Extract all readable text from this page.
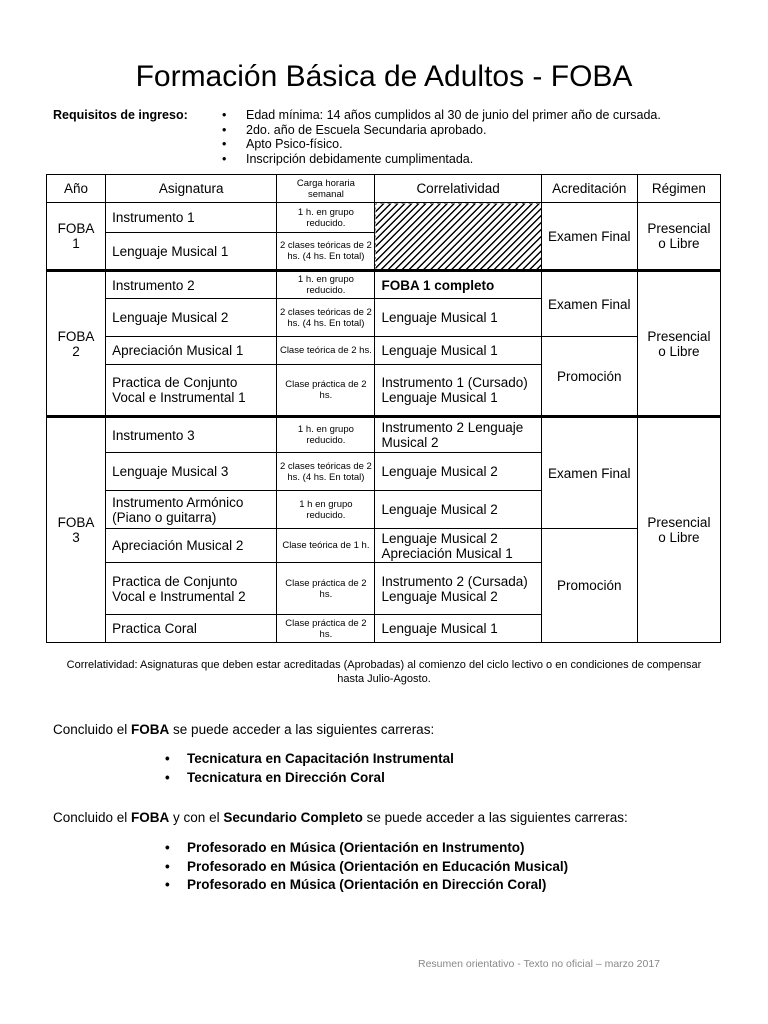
Formación Básica de Adultos - FOBA
Requisitos de ingreso:	• Edad mínima: 14 años cumplidos al 30 de junio del primer año de cursada.
• 2do. año de Escuela Secundaria aprobado.
• Apto Psico-físico.
• Inscripción debidamente cumplimentada.
Año	Asignatura	Carga horaria semanal	Correlatividad	Acreditación	Régimen
FOBA 1	Instrumento 1	1 h. en grupo reducido.		Examen Final	Presencial o Libre
	Lenguaje Musical 1	2 clases teóricas de 2 hs. (4 hs. En total)			
FOBA 2	Instrumento 2	1 h. en grupo reducido.	FOBA 1 completo	Examen Final	Presencial o Libre
	Lenguaje Musical 2	2 clases teóricas de 2 hs. (4 hs. En total)	Lenguaje Musical 1		
	Apreciación Musical 1	Clase teórica de 2 hs.	Lenguaje Musical 1	Promoción	
	Practica de Conjunto Vocal e Instrumental 1	Clase práctica de 2 hs.	Instrumento 1 (Cursado) Lenguaje Musical 1		
FOBA 3	Instrumento 3	1 h. en grupo reducido.	Instrumento 2 Lenguaje Musical 2	Examen Final	Presencial o Libre
	Lenguaje Musical 3	2 clases teóricas de 2 hs. (4 hs. En total)	Lenguaje Musical 2		
	Instrumento Armónico (Piano o guitarra)	1 h en grupo reducido.	Lenguaje Musical 2		
	Apreciación Musical 2	Clase teórica de 1 h.	Lenguaje Musical 2 Apreciación Musical 1	Promoción	
	Practica de Conjunto Vocal e Instrumental 2	Clase práctica de 2 hs.	Instrumento 2 (Cursada) Lenguaje Musical 2		
	Practica Coral	Clase práctica de 2 hs.	Lenguaje Musical 1		
Correlatividad: Asignaturas que deben estar acreditadas (Aprobadas) al comienzo del ciclo lectivo o en condiciones de compensar hasta Julio-Agosto.
Concluido el FOBA se puede acceder a las siguientes carreras:
• Tecnicatura en Capacitación Instrumental
• Tecnicatura en Dirección Coral
Concluido el FOBA y con el Secundario Completo se puede acceder a las siguientes carreras:
• Profesorado en Música (Orientación en Instrumento)
• Profesorado en Música (Orientación en Educación Musical)
• Profesorado en Música (Orientación en Dirección Coral)
Resumen orientativo - Texto no oficial – marzo 2017
